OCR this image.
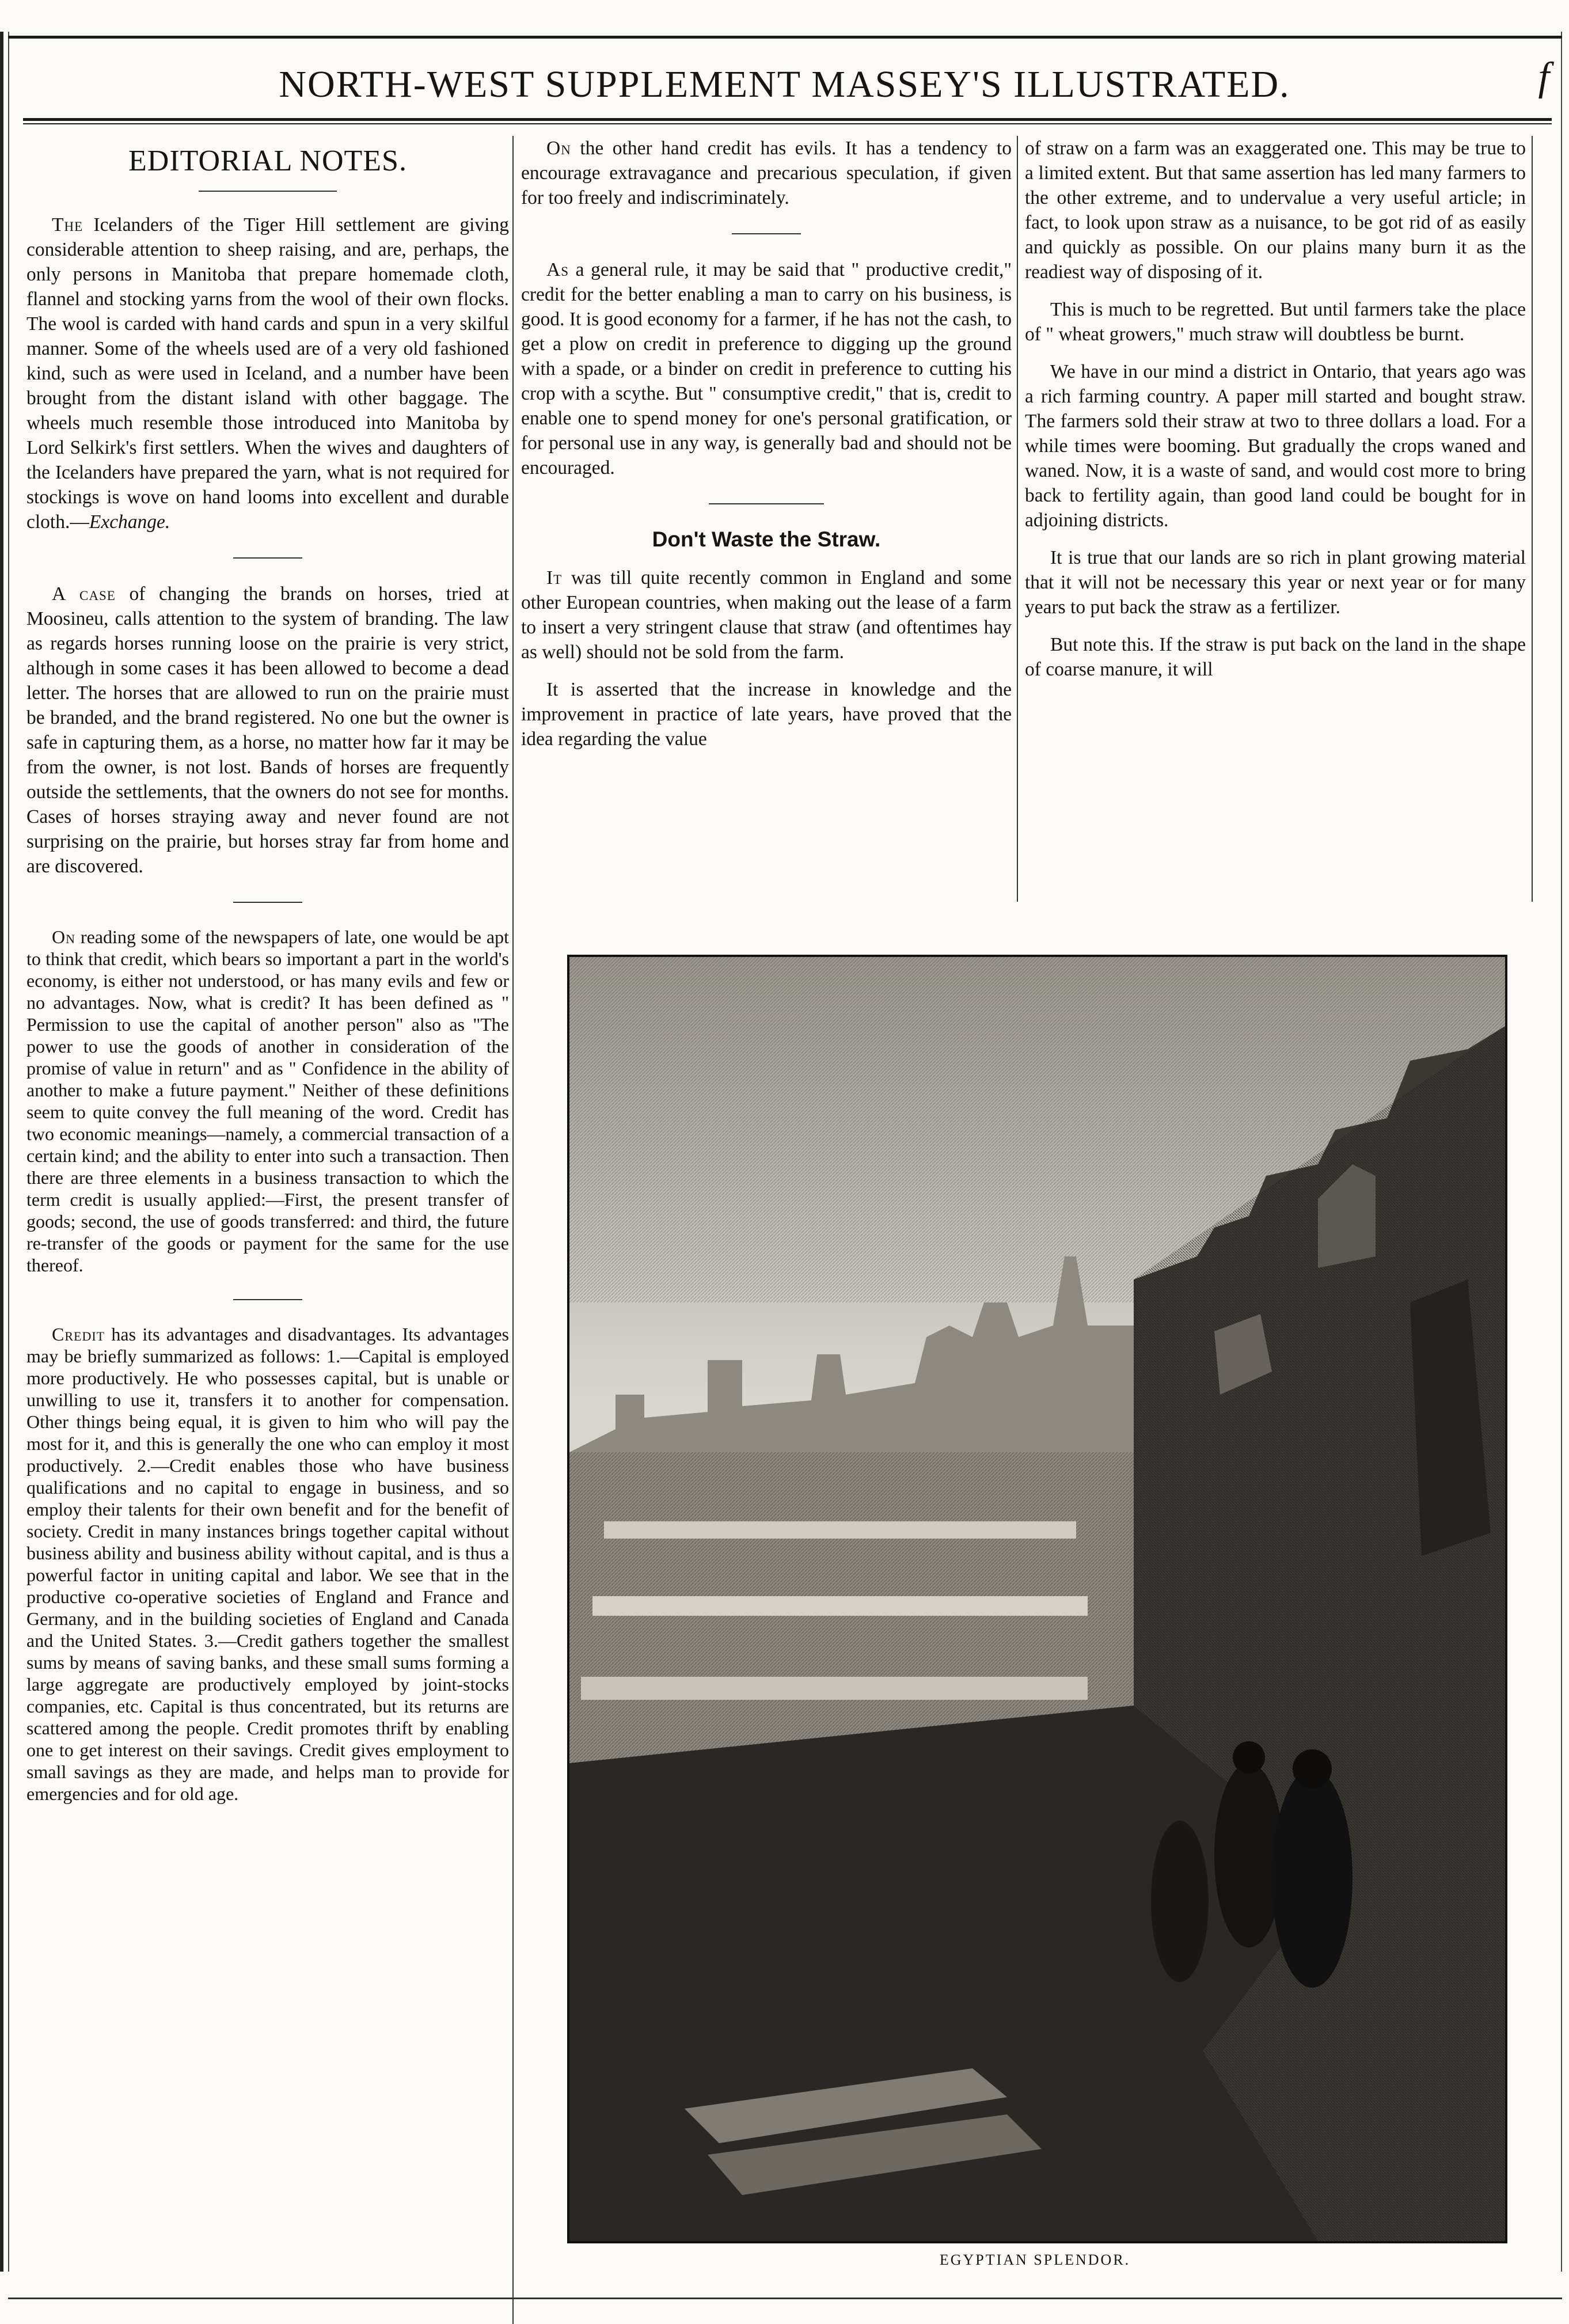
NORTH-WEST SUPPLEMENT MASSEY'S ILLUSTRATED.	f
EDITORIAL NOTES.

The Icelanders of the Tiger Hill settlement are giving considerable attention to sheep raising, and are, perhaps, the only persons in Manitoba that prepare homemade cloth, flannel and stocking yarns from the wool of their own flocks. The wool is carded with hand cards and spun in a very skilful manner. Some of the wheels used are of a very old fashioned kind, such as were used in Iceland, and a number have been brought from the distant island with other baggage. The wheels much resemble those introduced into Manitoba by Lord Selkirk's first settlers. When the wives and daughters of the Icelanders have prepared the yarn, what is not required for stockings is wove on hand looms into excellent and durable cloth.—Exchange.

A case of changing the brands on horses, tried at Moosineu, calls attention to the system of branding. The law as regards horses running loose on the prairie is very strict, although in some cases it has been allowed to become a dead letter. The horses that are allowed to run on the prairie must be branded, and the brand registered. No one but the owner is safe in capturing them, as a horse, no matter how far it may be from the owner, is not lost. Bands of horses are frequently outside the settlements, that the owners do not see for months. Cases of horses straying away and never found are not surprising on the prairie, but horses stray far from home and are discovered.

On reading some of the newspapers of late, one would be apt to think that credit, which bears so important a part in the world's economy, is either not understood, or has many evils and few or no advantages. Now, what is credit? It has been defined as " Permission to use the capital of another person" also as "The power to use the goods of another in consideration of the promise of value in return" and as " Confidence in the ability of another to make a future payment." Neither of these definitions seem to quite convey the full meaning of the word. Credit has two economic meanings—namely, a commercial transaction of a certain kind; and the ability to enter into such a transaction. Then there are three elements in a business transaction to which the term credit is usually applied:—First, the present transfer of goods; second, the use of goods transferred: and third, the future re-transfer of the goods or payment for the same for the use thereof.

Credit has its advantages and disadvantages. Its advantages may be briefly summarized as follows: 1.—Capital is employed more productively. He who possesses capital, but is unable or unwilling to use it, transfers it to another for compensation. Other things being equal, it is given to him who will pay the most for it, and this is generally the one who can employ it most productively. 2.—Credit enables those who have business qualifications and no capital to engage in business, and so employ their talents for their own benefit and for the benefit of society. Credit in many instances brings together capital without business ability and business ability without capital, and is thus a powerful factor in uniting capital and labor. We see that in the productive co-operative societies of England and France and Germany, and in the building societies of England and Canada and the United States. 3.—Credit gathers together the smallest sums by means of saving banks, and these small sums forming a large aggregate are productively employed by joint-stocks companies, etc. Capital is thus concentrated, but its returns are scattered among the people. Credit promotes thrift by enabling one to get interest on their savings. Credit gives employment to small savings as they are made, and helps man to provide for emergencies and for old age.

On the other hand credit has evils. It has a tendency to encourage extravagance and precarious speculation, if given for too freely and indiscriminately.

As a general rule, it may be said that " productive credit," credit for the better enabling a man to carry on his business, is good. It is good economy for a farmer, if he has not the cash, to get a plow on credit in preference to digging up the ground with a spade, or a binder on credit in preference to cutting his crop with a scythe. But " consumptive credit," that is, credit to enable one to spend money for one's personal gratification, or for personal use in any way, is generally bad and should not be encouraged.

Don't Waste the Straw.

It was till quite recently common in England and some other European countries, when making out the lease of a farm to insert a very stringent clause that straw (and oftentimes hay as well) should not be sold from the farm.

It is asserted that the increase in knowledge and the improvement in practice of late years, have proved that the idea regarding the value

of straw on a farm was an exaggerated one. This may be true to a limited extent. But that same assertion has led many farmers to the other extreme, and to undervalue a very useful article; in fact, to look upon straw as a nuisance, to be got rid of as easily and quickly as possible. On our plains many burn it as the readiest way of disposing of it.

This is much to be regretted. But until farmers take the place of " wheat growers," much straw will doubtless be burnt.

We have in our mind a district in Ontario, that years ago was a rich farming country. A paper mill started and bought straw. The farmers sold their straw at two to three dollars a load. For a while times were booming. But gradually the crops waned and waned. Now, it is a waste of sand, and would cost more to bring back to fertility again, than good land could be bought for in adjoining districts.

It is true that our lands are so rich in plant growing material that it will not be necessary this year or next year or for many years to put back the straw as a fertilizer.

But note this. If the straw is put back on the land in the shape of coarse manure, it will

EGYPTIAN SPLENDOR.
